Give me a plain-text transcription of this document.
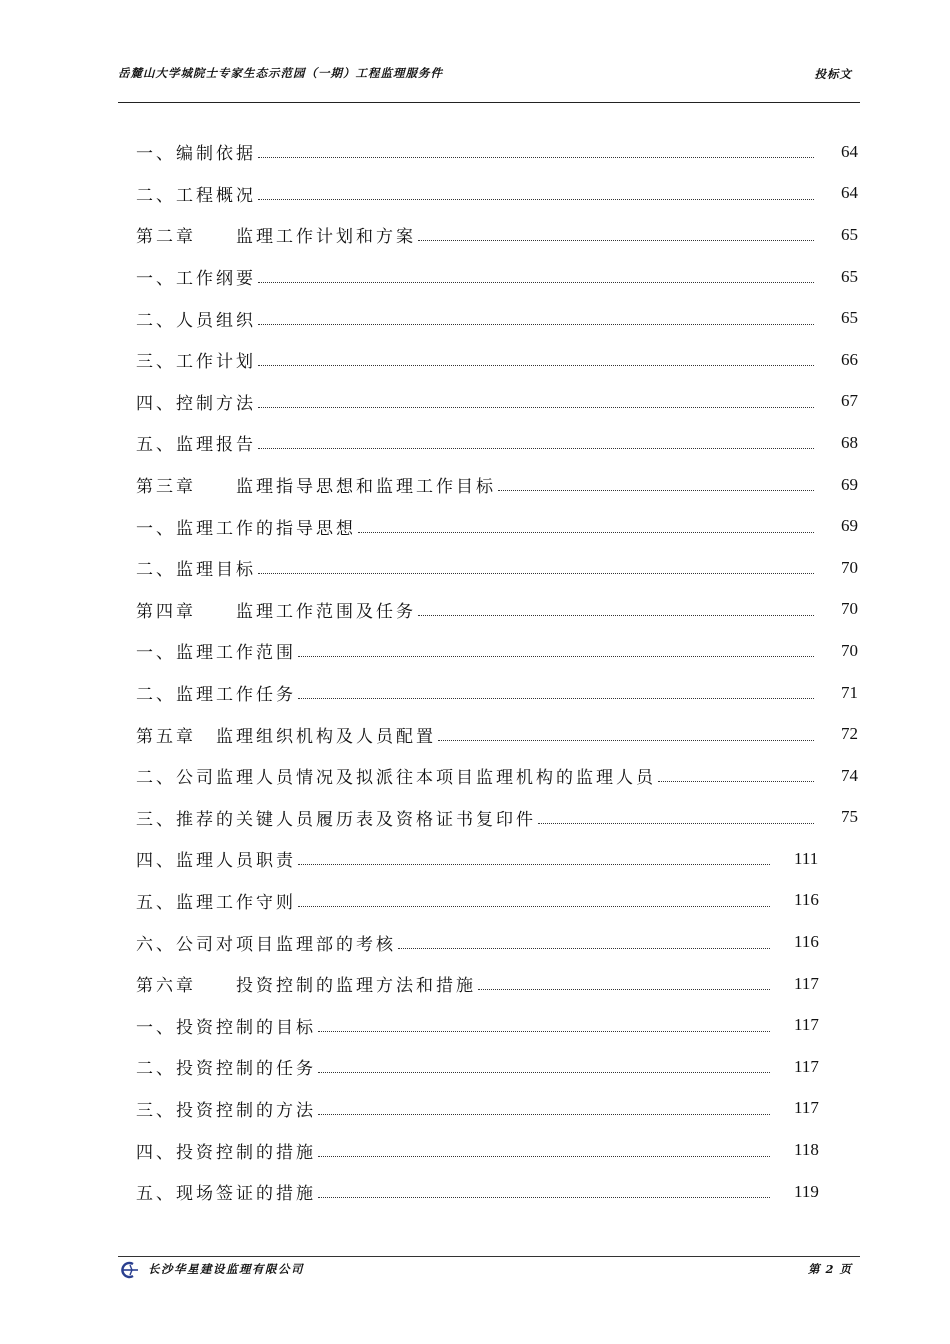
岳麓山大学城院士专家生态示范园（一期）工程监理服务件	投标文
一、编制依据	64
二、工程概况	64
第二章　　监理工作计划和方案	65
一、工作纲要	65
二、人员组织	65
三、工作计划	66
四、控制方法	67
五、监理报告	68
第三章　　监理指导思想和监理工作目标	69
一、监理工作的指导思想	69
二、监理目标	70
第四章　　监理工作范围及任务	70
一、监理工作范围	70
二、监理工作任务	71
第五章　监理组织机构及人员配置	72
二、公司监理人员情况及拟派往本项目监理机构的监理人员	74
三、推荐的关键人员履历表及资格证书复印件	75
四、监理人员职责	111
五、监理工作守则	116
六、公司对项目监理部的考核	116
第六章　　投资控制的监理方法和措施	117
一、投资控制的目标	117
二、投资控制的任务	117
三、投资控制的方法	117
四、投资控制的措施	118
五、现场签证的措施	119
长沙华星建设监理有限公司	第 2 页
